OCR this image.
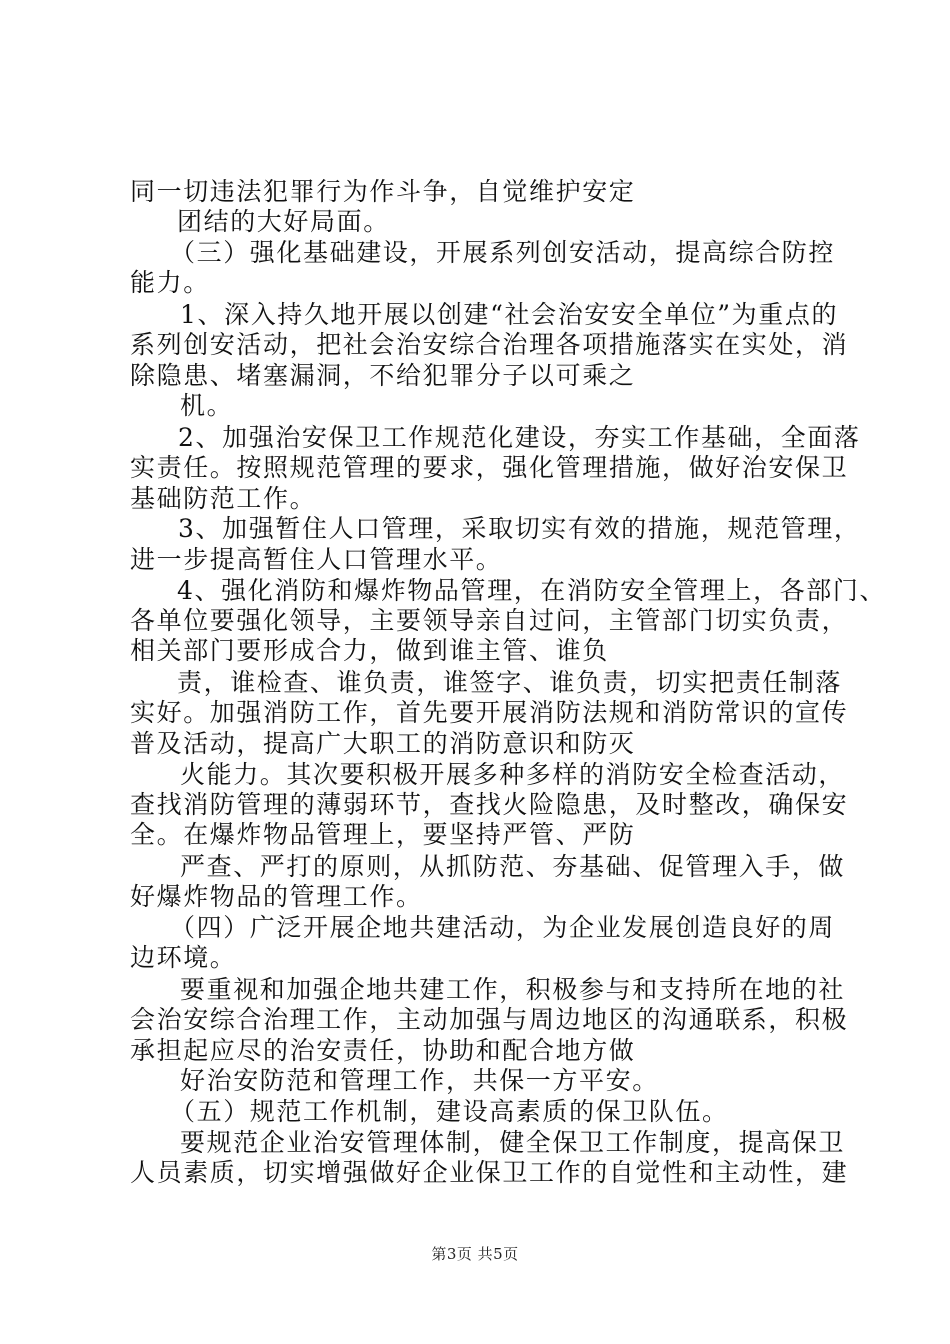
同一切违法犯罪行为作斗争，自觉维护安定
团结的大好局面。
（三）强化基础建设，开展系列创安活动，提高综合防控
能力。
1、深入持久地开展以创建“社会治安安全单位”为重点的
系列创安活动，把社会治安综合治理各项措施落实在实处，消
除隐患、堵塞漏洞，不给犯罪分子以可乘之
机。
2、加强治安保卫工作规范化建设，夯实工作基础，全面落
实责任。按照规范管理的要求，强化管理措施，做好治安保卫
基础防范工作。
3、加强暂住人口管理，采取切实有效的措施，规范管理，
进一步提高暂住人口管理水平。
4、强化消防和爆炸物品管理，在消防安全管理上，各部门、
各单位要强化领导，主要领导亲自过问，主管部门切实负责，
相关部门要形成合力，做到谁主管、谁负
责，谁检查、谁负责，谁签字、谁负责，切实把责任制落
实好。加强消防工作，首先要开展消防法规和消防常识的宣传
普及活动，提高广大职工的消防意识和防灭
火能力。其次要积极开展多种多样的消防安全检查活动，
查找消防管理的薄弱环节，查找火险隐患，及时整改，确保安
全。在爆炸物品管理上，要坚持严管、严防
严查、严打的原则，从抓防范、夯基础、促管理入手，做
好爆炸物品的管理工作。
（四）广泛开展企地共建活动，为企业发展创造良好的周
边环境。
要重视和加强企地共建工作，积极参与和支持所在地的社
会治安综合治理工作，主动加强与周边地区的沟通联系，积极
承担起应尽的治安责任，协助和配合地方做
好治安防范和管理工作，共保一方平安。
（五）规范工作机制，建设高素质的保卫队伍。
要规范企业治安管理体制，健全保卫工作制度，提高保卫
人员素质，切实增强做好企业保卫工作的自觉性和主动性，建
第3页 共5页
